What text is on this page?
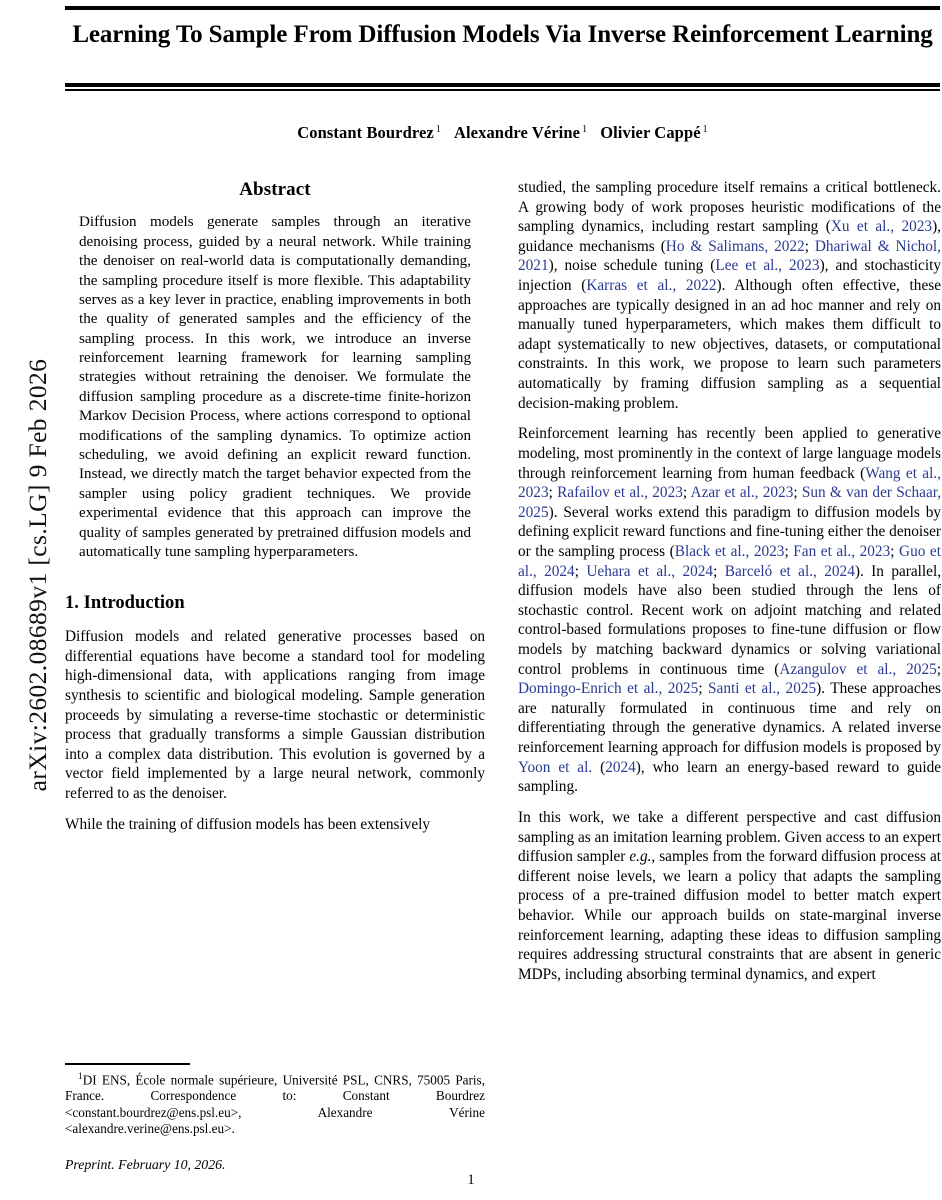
arXiv:2602.08689v1 [cs.LG] 9 Feb 2026
Learning To Sample From Diffusion Models Via Inverse Reinforcement Learning
Constant Bourdrez $^1$ Alexandre Vérine $^1$ Olivier Cappé $^1$
Abstract

Diffusion models generate samples through an iterative denoising process, guided by a neural network. While training the denoiser on real-world data is computationally demanding, the sampling procedure itself is more flexible. This adaptability serves as a key lever in practice, enabling improvements in both the quality of generated samples and the efficiency of the sampling process. In this work, we introduce an inverse reinforcement learning framework for learning sampling strategies without retraining the denoiser. We formulate the diffusion sampling procedure as a discrete-time finite-horizon Markov Decision Process, where actions correspond to optional modifications of the sampling dynamics. To optimize action scheduling, we avoid defining an explicit reward function. Instead, we directly match the target behavior expected from the sampler using policy gradient techniques. We provide experimental evidence that this approach can improve the quality of samples generated by pretrained diffusion models and automatically tune sampling hyperparameters.

1. Introduction

Diffusion models and related generative processes based on differential equations have become a standard tool for modeling high-dimensional data, with applications ranging from image synthesis to scientific and biological modeling. Sample generation proceeds by simulating a reverse-time stochastic or deterministic process that gradually transforms a simple Gaussian distribution into a complex data distribution. This evolution is governed by a vector field implemented by a large neural network, commonly referred to as the denoiser.

While the training of diffusion models has been extensively

$^1$DI ENS, École normale supérieure, Université PSL, CNRS, 75005 Paris, France. Correspondence to: Constant Bourdrez <constant.bourdrez@ens.psl.eu>, Alexandre Vérine <alexandre.verine@ens.psl.eu>.

Preprint. February 10, 2026.

studied, the sampling procedure itself remains a critical bottleneck. A growing body of work proposes heuristic modifications of the sampling dynamics, including restart sampling (Xu et al., 2023), guidance mechanisms (Ho & Salimans, 2022; Dhariwal & Nichol, 2021), noise schedule tuning (Lee et al., 2023), and stochasticity injection (Karras et al., 2022). Although often effective, these approaches are typically designed in an ad hoc manner and rely on manually tuned hyperparameters, which makes them difficult to adapt systematically to new objectives, datasets, or computational constraints. In this work, we propose to learn such parameters automatically by framing diffusion sampling as a sequential decision-making problem.

Reinforcement learning has recently been applied to generative modeling, most prominently in the context of large language models through reinforcement learning from human feedback (Wang et al., 2023; Rafailov et al., 2023; Azar et al., 2023; Sun & van der Schaar, 2025). Several works extend this paradigm to diffusion models by defining explicit reward functions and fine-tuning either the denoiser or the sampling process (Black et al., 2023; Fan et al., 2023; Guo et al., 2024; Uehara et al., 2024; Barceló et al., 2024). In parallel, diffusion models have also been studied through the lens of stochastic control. Recent work on adjoint matching and related control-based formulations proposes to fine-tune diffusion or flow models by matching backward dynamics or solving variational control problems in continuous time (Azangulov et al., 2025; Domingo-Enrich et al., 2025; Santi et al., 2025). These approaches are naturally formulated in continuous time and rely on differentiating through the generative dynamics. A related inverse reinforcement learning approach for diffusion models is proposed by Yoon et al. (2024), who learn an energy-based reward to guide sampling.

In this work, we take a different perspective and cast diffusion sampling as an imitation learning problem. Given access to an expert diffusion sampler e.g., samples from the forward diffusion process at different noise levels, we learn a policy that adapts the sampling process of a pre-trained diffusion model to better match expert behavior. While our approach builds on state-marginal inverse reinforcement learning, adapting these ideas to diffusion sampling requires addressing structural constraints that are absent in generic MDPs, including absorbing terminal dynamics, and expert

1
